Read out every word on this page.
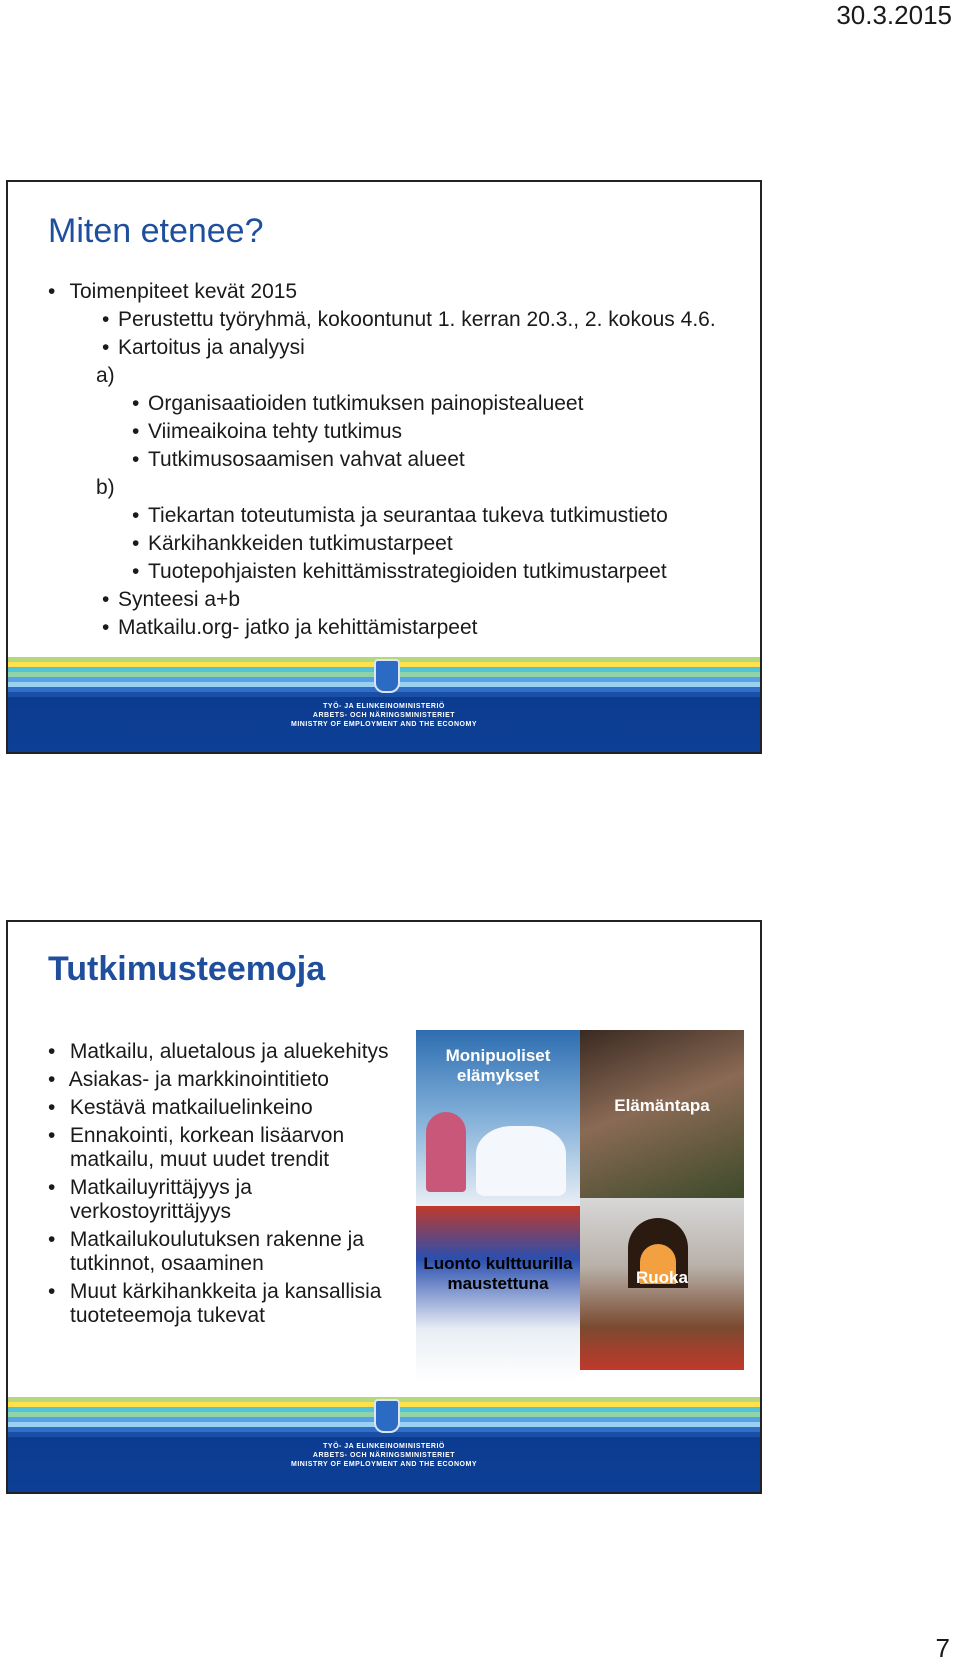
30.3.2015
Miten etenee?
• Toimenpiteet kevät 2015
• Perustettu työryhmä, kokoontunut 1. kerran 20.3., 2. kokous 4.6.
• Kartoitus ja analyysi
a)
• Organisaatioiden tutkimuksen painopistealueet
• Viimeaikoina tehty tutkimus
• Tutkimusosaamisen vahvat alueet
b)
• Tiekartan toteutumista ja seurantaa tukeva tutkimustieto
• Kärkihankkeiden tutkimustarpeet
• Tuotepohjaisten kehittämisstrategioiden tutkimustarpeet
• Synteesi a+b
• Matkailu.org- jatko ja kehittämistarpeet
TYÖ- JA ELINKEINOMINISTERIÖ
ARBETS- OCH NÄRINGSMINISTERIET
MINISTRY OF EMPLOYMENT AND THE ECONOMY
Tutkimusteemoja
• Matkailu, aluetalous ja aluekehitys
• Asiakas- ja markkinointitieto
• Kestävä matkailuelinkeino
• Ennakointi, korkean lisäarvon
matkailu, muut uudet trendit
• Matkailuyrittäjyys ja
verkostoyrittäjyys
• Matkailukoulutuksen rakenne ja
tutkinnot, osaaminen
• Muut kärkihankkeita ja kansallisia
tuoteteemoja tukevat
Monipuoliset elämykset
Elämäntapa
Luonto kulttuurilla maustettuna	Ruoka
TYÖ- JA ELINKEINOMINISTERIÖ
ARBETS- OCH NÄRINGSMINISTERIET
MINISTRY OF EMPLOYMENT AND THE ECONOMY
7
